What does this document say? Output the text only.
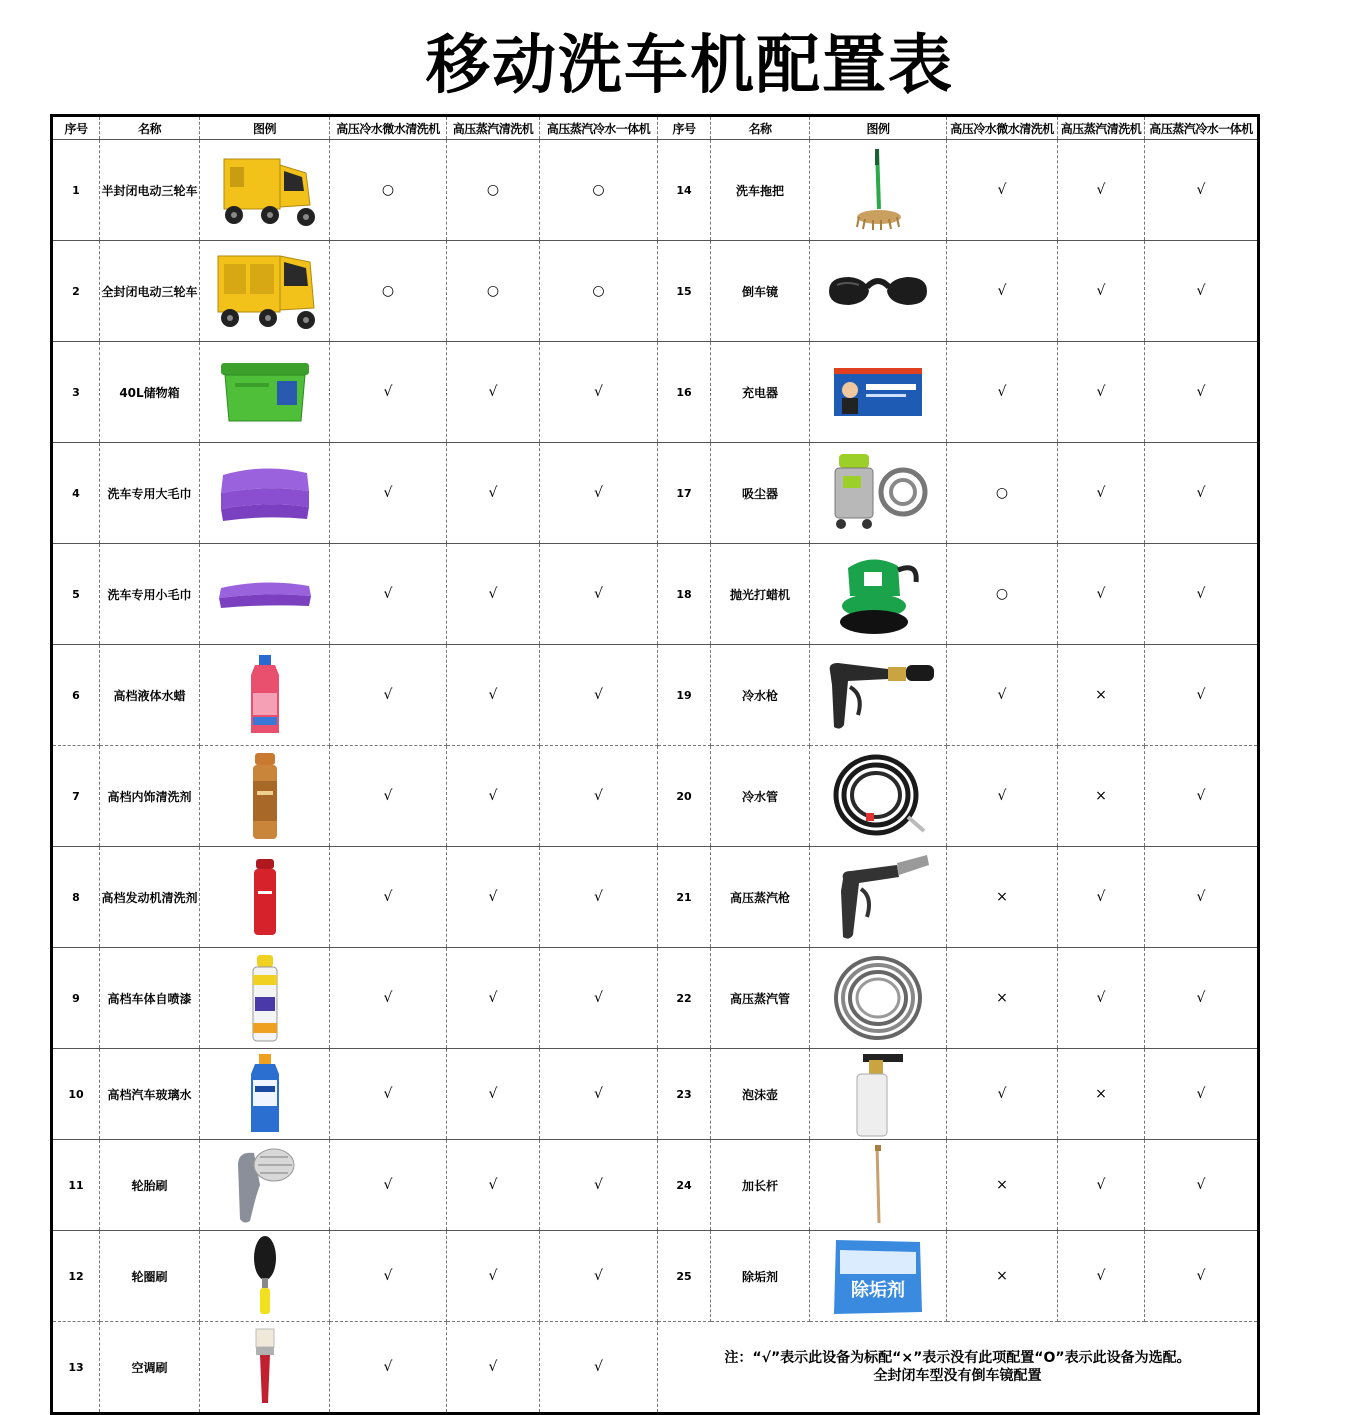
移动洗车机配置表
序号	名称	图例	高压冷水微水清洗机	高压蒸汽清洗机	高压蒸汽冷水一体机	序号	名称	图例	高压冷水微水清洗机	高压蒸汽清洗机	高压蒸汽冷水一体机
1	半封闭电动三轮车		○	○	○	14	洗车拖把		√	√	√
2	全封闭电动三轮车		○	○	○	15	倒车镜		√	√	√
3	40L储物箱		√	√	√	16	充电器		√	√	√
4	洗车专用大毛巾		√	√	√	17	吸尘器		○	√	√
5	洗车专用小毛巾		√	√	√	18	抛光打蜡机		○	√	√
6	高档液体水蜡		√	√	√	19	冷水枪		√	×	√
7	高档内饰清洗剂		√	√	√	20	冷水管		√	×	√
8	高档发动机清洗剂		√	√	√	21	高压蒸汽枪		×	√	√
9	高档车体自喷漆		√	√	√	22	高压蒸汽管		×	√	√
10	高档汽车玻璃水		√	√	√	23	泡沫壶		√	×	√
11	轮胎刷		√	√	√	24	加长杆		×	√	√
12	轮圈刷		√	√	√	25	除垢剂	除垢剂	×	√	√
13	空调刷		√	√	√	注：“√”表示此设备为标配“×”表示没有此项配置“O”表示此设备为选配。
全封闭车型没有倒车镜配置					
